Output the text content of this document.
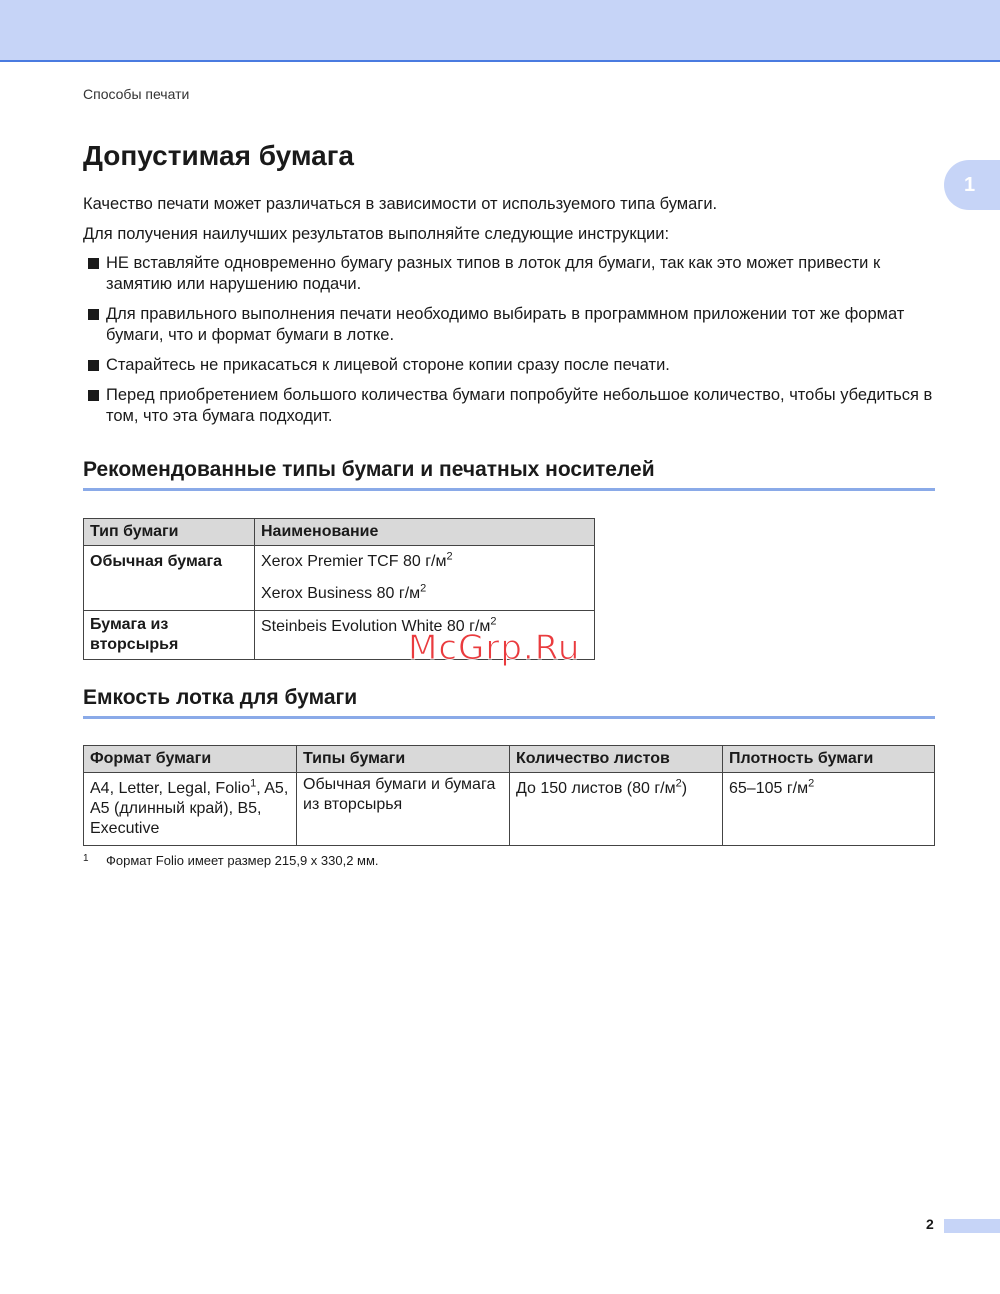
Способы печати
1
Допустимая бумага

Качество печати может различаться в зависимости от используемого типа бумаги.

Для получения наилучших результатов выполняйте следующие инструкции:

НЕ вставляйте одновременно бумагу разных типов в лоток для бумаги, так как это может привести к замятию или нарушению подачи.
Для правильного выполнения печати необходимо выбирать в программном приложении тот же формат бумаги, что и формат бумаги в лотке.
Старайтесь не прикасаться к лицевой стороне копии сразу после печати.
Перед приобретением большого количества бумаги попробуйте небольшое количество, чтобы убедиться в том, что эта бумага подходит.
Рекомендованные типы бумаги и печатных носителей
Тип бумаги	Наименование
Обычная бумага	Xerox Premier TCF 80 $г/м^2$
Xerox Business 80 $г/м^2$

Бумага из вторсырья	Steinbeis Evolution White 80 $г/м^2$
McGrp.Ru
Емкость лотка для бумаги
Формат бумаги	Типы бумаги	Количество листов	Плотность бумаги
A4, Letter, Legal, Folio$^1$, A5, A5 (длинный край), B5, Executive	Обычная бумаги и бумага из вторсырья	До 150 листов (80 $г/м^2$)	65–105 $г/м^2$
1 Формат Folio имеет размер 215,9 x 330,2 мм.
2
